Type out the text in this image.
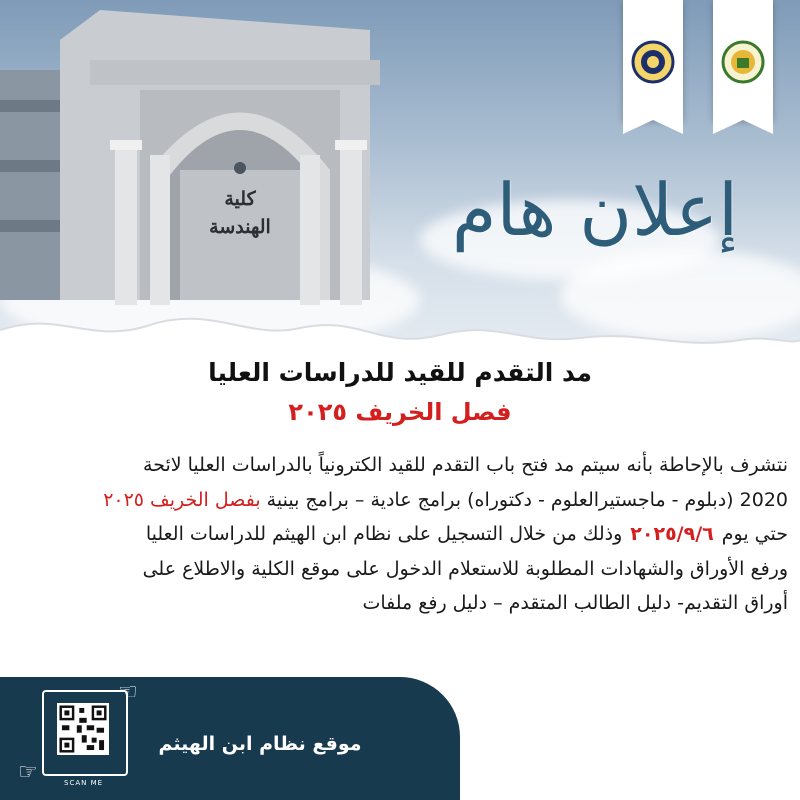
كلية الهندسة	إعلان هام
مد التقدم للقيد للدراسات العليا
فصل الخريف ٢٠٢٥

نتشرف بالإحاطة بأنه سيتم مد فتح باب التقدم للقيد الكترونياً بالدراسات العليا لائحة

2020 (دبلوم - ماجستيرالعلوم - دكتوراه) برامج عادية – برامج بينية بفصل الخريف ٢٠٢٥

حتي يوم٢٠٢٥/٩/٦وذلك من خلال التسجيل على نظام ابن الهيثم للدراسات العليا

ورفع الأوراق والشهادات المطلوبة للاستعلام الدخول على موقع الكلية والاطلاع على

أوراق التقديم- دليل الطالب المتقدم – دليل رفع ملفات

SCAN ME
☜
☞
موقع نظام ابن الهيثم
